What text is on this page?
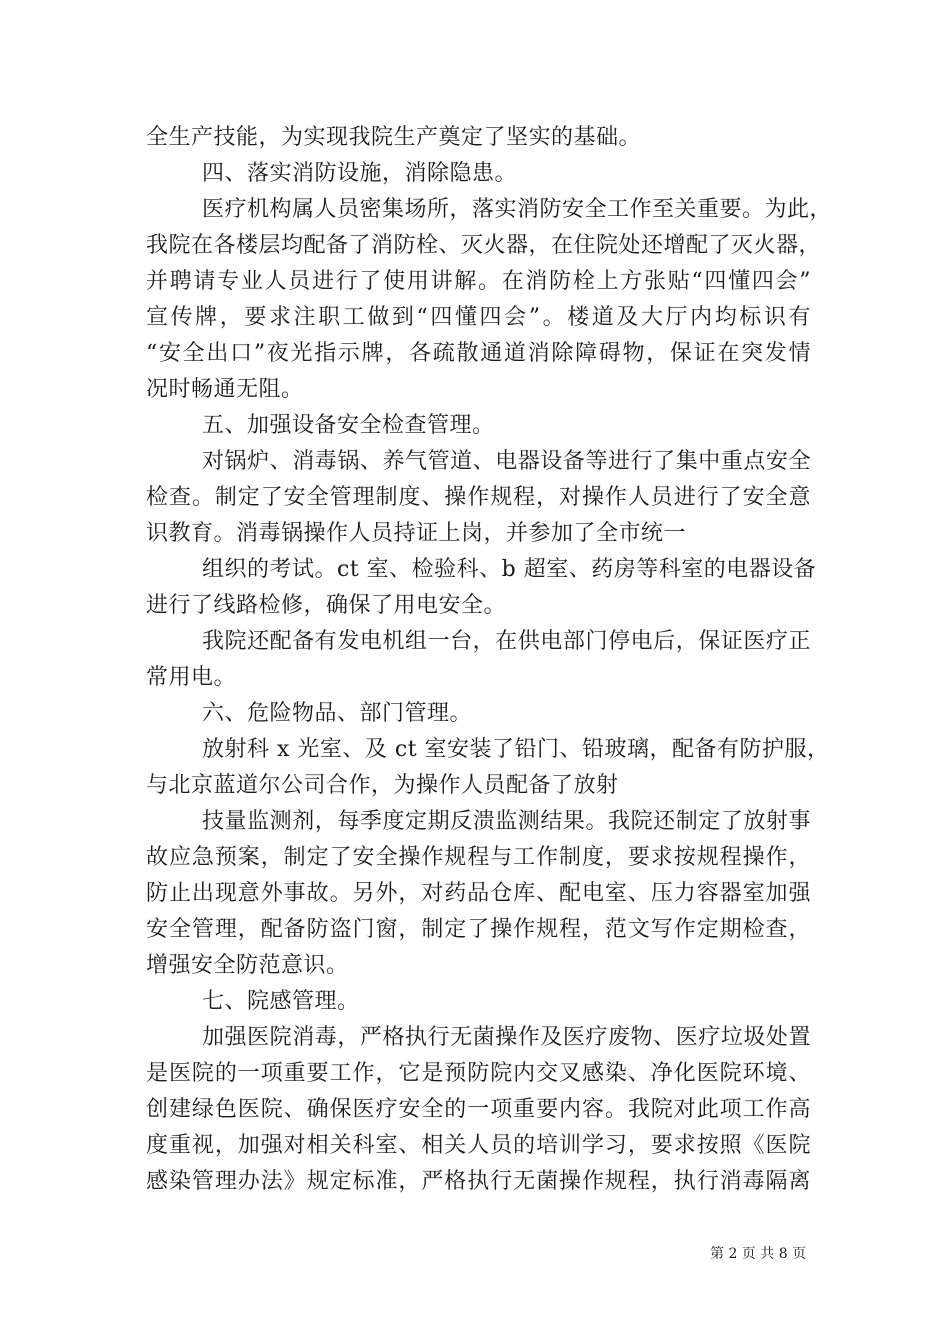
全生产技能，为实现我院生产奠定了坚实的基础。
四、落实消防设施，消除隐患。
医疗机构属人员密集场所，落实消防安全工作至关重要。为此，
我院在各楼层均配备了消防栓、灭火器，在住院处还增配了灭火器，
并聘请专业人员进行了使用讲解。在消防栓上方张贴“四懂四会”
宣传牌，要求注职工做到“四懂四会”。楼道及大厅内均标识有
“安全出口”夜光指示牌，各疏散通道消除障碍物，保证在突发情
况时畅通无阻。
五、加强设备安全检查管理。
对锅炉、消毒锅、养气管道、电器设备等进行了集中重点安全
检查。制定了安全管理制度、操作规程，对操作人员进行了安全意
识教育。消毒锅操作人员持证上岗，并参加了全市统一
组织的考试。ct 室、检验科、b 超室、药房等科室的电器设备
进行了线路检修，确保了用电安全。
我院还配备有发电机组一台，在供电部门停电后，保证医疗正
常用电。
六、危险物品、部门管理。
放射科 x 光室、及 ct 室安装了铅门、铅玻璃，配备有防护服，
与北京蓝道尔公司合作，为操作人员配备了放射
技量监测剂，每季度定期反溃监测结果。我院还制定了放射事
故应急预案，制定了安全操作规程与工作制度，要求按规程操作，
防止出现意外事故。另外，对药品仓库、配电室、压力容器室加强
安全管理，配备防盗门窗，制定了操作规程，范文写作定期检查，
增强安全防范意识。
七、院感管理。
加强医院消毒，严格执行无菌操作及医疗废物、医疗垃圾处置
是医院的一项重要工作，它是预防院内交叉感染、净化医院环境、
创建绿色医院、确保医疗安全的一项重要内容。我院对此项工作高
度重视，加强对相关科室、相关人员的培训学习，要求按照《医院
感染管理办法》规定标准，严格执行无菌操作规程，执行消毒隔离
第 2 页 共 8 页
